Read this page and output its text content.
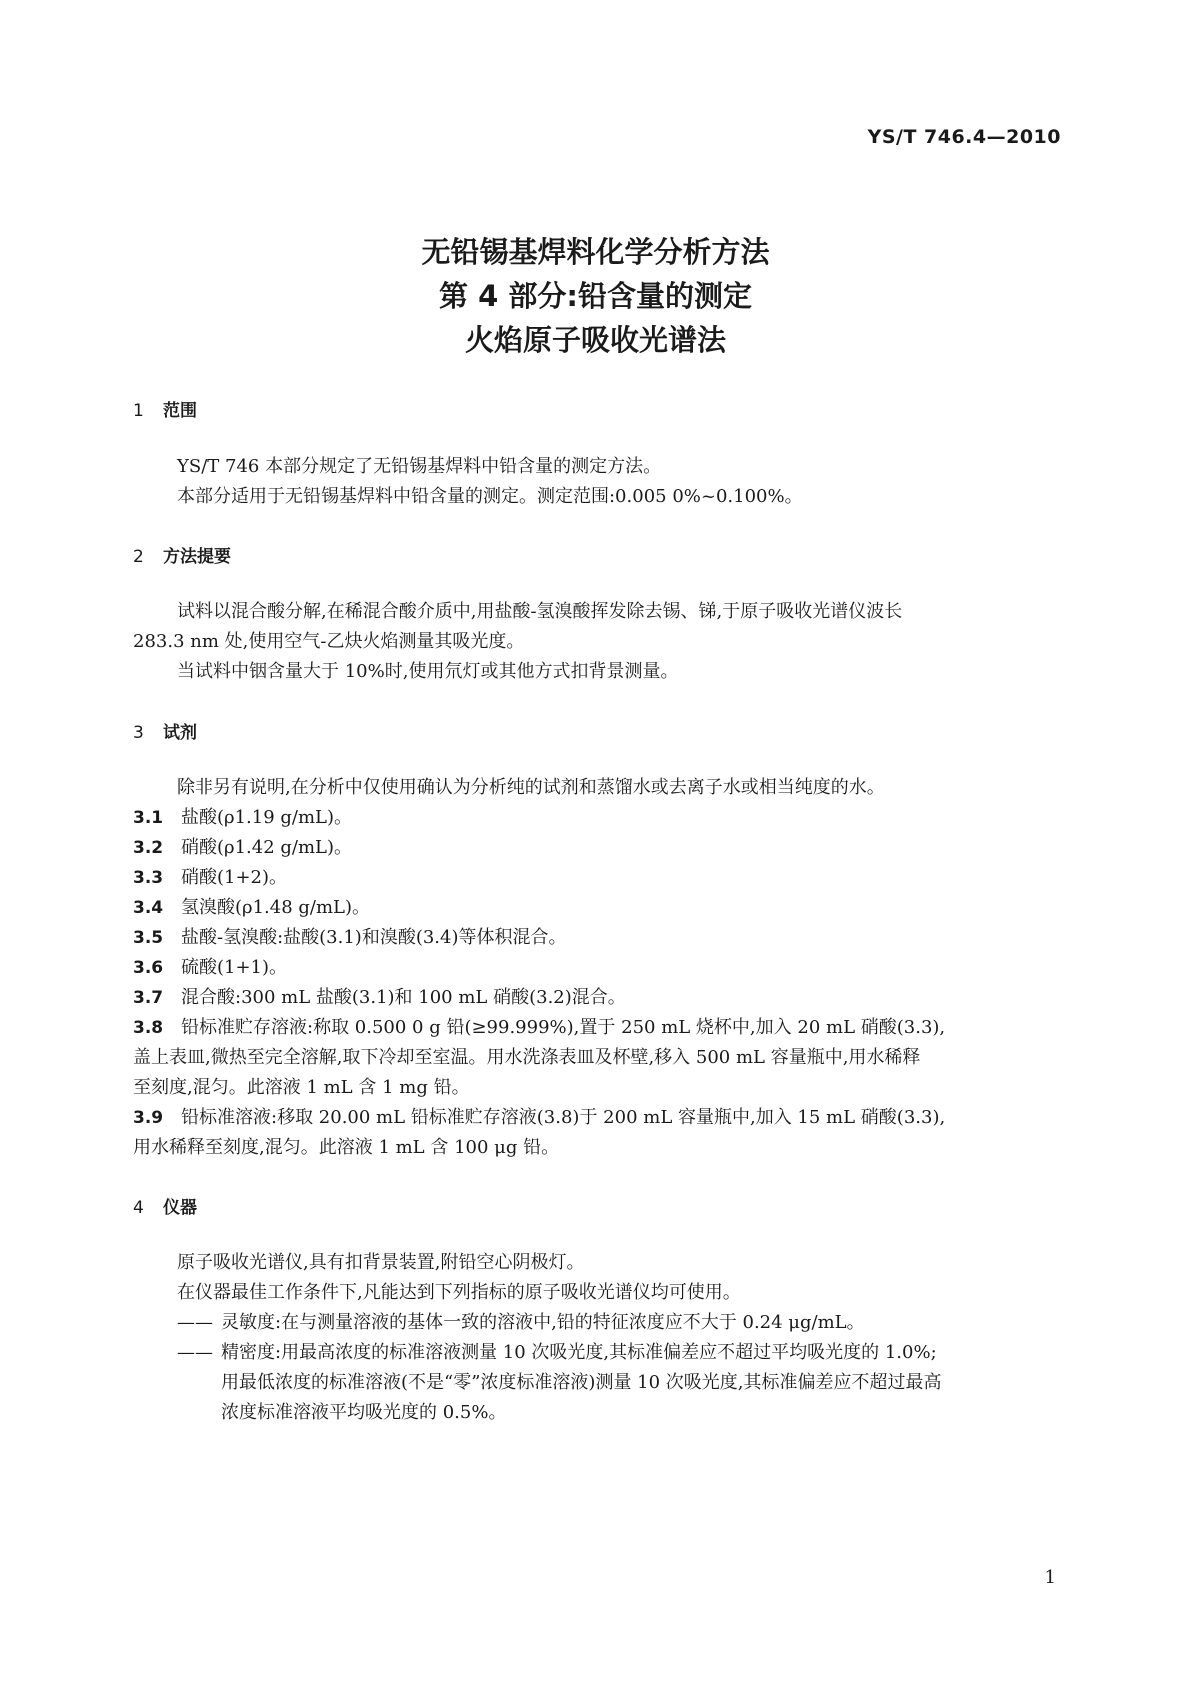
YS/T 746.4—2010
无铅锡基焊料化学分析方法
第 4 部分:铅含量的测定
火焰原子吸收光谱法
1 范围
YS/T 746 本部分规定了无铅锡基焊料中铅含量的测定方法。
本部分适用于无铅锡基焊料中铅含量的测定。测定范围:0.005 0%~0.100%。
2 方法提要
试料以混合酸分解,在稀混合酸介质中,用盐酸-氢溴酸挥发除去锡、锑,于原子吸收光谱仪波长
283.3 nm 处,使用空气-乙炔火焰测量其吸光度。
当试料中铟含量大于 10%时,使用氘灯或其他方式扣背景测量。
3 试剂
除非另有说明,在分析中仅使用确认为分析纯的试剂和蒸馏水或去离子水或相当纯度的水。
3.1 盐酸(ρ1.19 g/mL)。
3.2 硝酸(ρ1.42 g/mL)。
3.3 硝酸(1+2)。
3.4 氢溴酸(ρ1.48 g/mL)。
3.5 盐酸-氢溴酸:盐酸(3.1)和溴酸(3.4)等体积混合。
3.6 硫酸(1+1)。
3.7 混合酸:300 mL 盐酸(3.1)和 100 mL 硝酸(3.2)混合。
3.8 铅标准贮存溶液:称取 0.500 0 g 铅(≥99.999%),置于 250 mL 烧杯中,加入 20 mL 硝酸(3.3),
盖上表皿,微热至完全溶解,取下冷却至室温。用水洗涤表皿及杯壁,移入 500 mL 容量瓶中,用水稀释
至刻度,混匀。此溶液 1 mL 含 1 mg 铅。
3.9 铅标准溶液:移取 20.00 mL 铅标准贮存溶液(3.8)于 200 mL 容量瓶中,加入 15 mL 硝酸(3.3),
用水稀释至刻度,混匀。此溶液 1 mL 含 100 μg 铅。
4 仪器
原子吸收光谱仪,具有扣背景装置,附铅空心阴极灯。
在仪器最佳工作条件下,凡能达到下列指标的原子吸收光谱仪均可使用。
—— 灵敏度:在与测量溶液的基体一致的溶液中,铅的特征浓度应不大于 0.24 μg/mL。
—— 精密度:用最高浓度的标准溶液测量 10 次吸光度,其标准偏差应不超过平均吸光度的 1.0%;
用最低浓度的标准溶液(不是“零”浓度标准溶液)测量 10 次吸光度,其标准偏差应不超过最高
浓度标准溶液平均吸光度的 0.5%。
1
